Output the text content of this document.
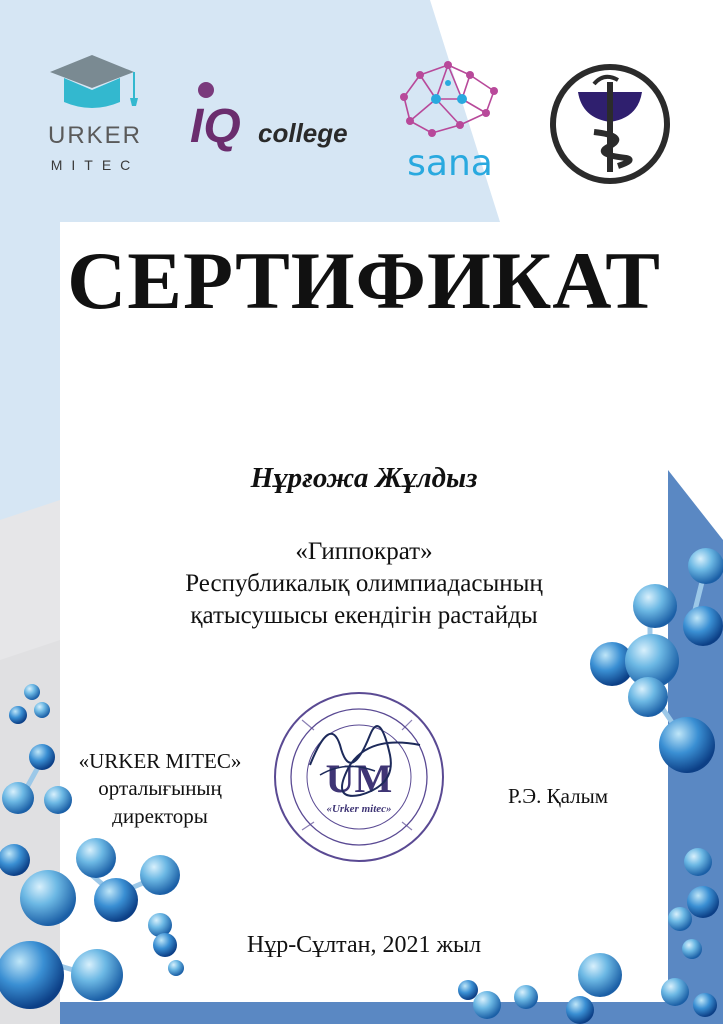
URKER
MITEC
IQ college
sana
СЕРТИФИКАТ
Нұрғожа Жұлдыз
«Гиппократ»
Республикалық олимпиадасының
қатысушысы екендігін растайды
UM
«Urker mitec»
«URKER MITEC»
орталығының
директоры
Р.Э. Қалым
Нұр-Сұлтан, 2021 жыл
